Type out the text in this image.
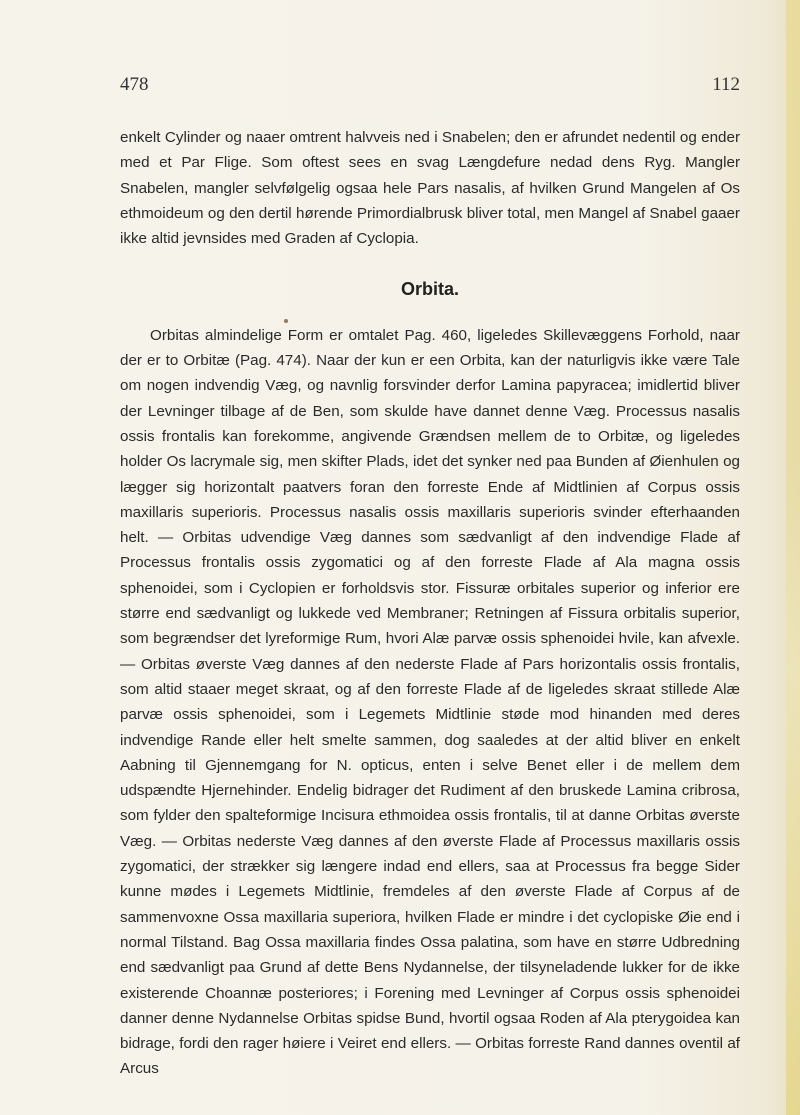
478	112

enkelt Cylinder og naaer omtrent halvveis ned i Snabelen; den er afrundet nedentil og ender med et Par Flige. Som oftest sees en svag Længdefure nedad dens Ryg. Mangler Snabelen, mangler selvfølgelig ogsaa hele Pars nasalis, af hvilken Grund Mangelen af Os ethmoideum og den dertil hørende Primordialbrusk bliver total, men Mangel af Snabel gaaer ikke altid jevnsides med Graden af Cyclopia.

Orbita.

Orbitas almindelige Form er omtalet Pag. 460, ligeledes Skillevæggens Forhold, naar der er to Orbitæ (Pag. 474). Naar der kun er een Orbita, kan der naturligvis ikke være Tale om nogen indvendig Væg, og navnlig forsvinder derfor Lamina papyracea; imidlertid bliver der Levninger tilbage af de Ben, som skulde have dannet denne Væg. Processus nasalis ossis frontalis kan forekomme, angivende Grændsen mellem de to Orbitæ, og ligeledes holder Os lacrymale sig, men skifter Plads, idet det synker ned paa Bunden af Øienhulen og lægger sig horizontalt paatvers foran den forreste Ende af Midtlinien af Corpus ossis maxillaris superioris. Processus nasalis ossis maxillaris superioris svinder efterhaanden helt. — Orbitas udvendige Væg dannes som sædvanligt af den indvendige Flade af Processus frontalis ossis zygomatici og af den forreste Flade af Ala magna ossis sphenoidei, som i Cyclopien er forholdsvis stor. Fissuræ orbitales superior og inferior ere større end sædvanligt og lukkede ved Membraner; Retningen af Fissura orbitalis superior, som begrændser det lyreformige Rum, hvori Alæ parvæ ossis sphenoidei hvile, kan afvexle. — Orbitas øverste Væg dannes af den nederste Flade af Pars horizontalis ossis frontalis, som altid staaer meget skraat, og af den forreste Flade af de ligeledes skraat stillede Alæ parvæ ossis sphenoidei, som i Legemets Midtlinie støde mod hinanden med deres indvendige Rande eller helt smelte sammen, dog saaledes at der altid bliver en enkelt Aabning til Gjennemgang for N. opticus, enten i selve Benet eller i de mellem dem udspændte Hjernehinder. Endelig bidrager det Rudiment af den bruskede Lamina cribrosa, som fylder den spalteformige Incisura ethmoidea ossis frontalis, til at danne Orbitas øverste Væg. — Orbitas nederste Væg dannes af den øverste Flade af Processus maxillaris ossis zygomatici, der strækker sig længere indad end ellers, saa at Processus fra begge Sider kunne mødes i Legemets Midtlinie, fremdeles af den øverste Flade af Corpus af de sammenvoxne Ossa maxillaria superiora, hvilken Flade er mindre i det cyclopiske Øie end i normal Tilstand. Bag Ossa maxillaria findes Ossa palatina, som have en større Udbredning end sædvanligt paa Grund af dette Bens Nydannelse, der tilsyneladende lukker for de ikke existerende Choannæ posteriores; i Forening med Levninger af Corpus ossis sphenoidei danner denne Nydannelse Orbitas spidse Bund, hvortil ogsaa Roden af Ala pterygoidea kan bidrage, fordi den rager høiere i Veiret end ellers. — Orbitas forreste Rand dannes oventil af Arcus
